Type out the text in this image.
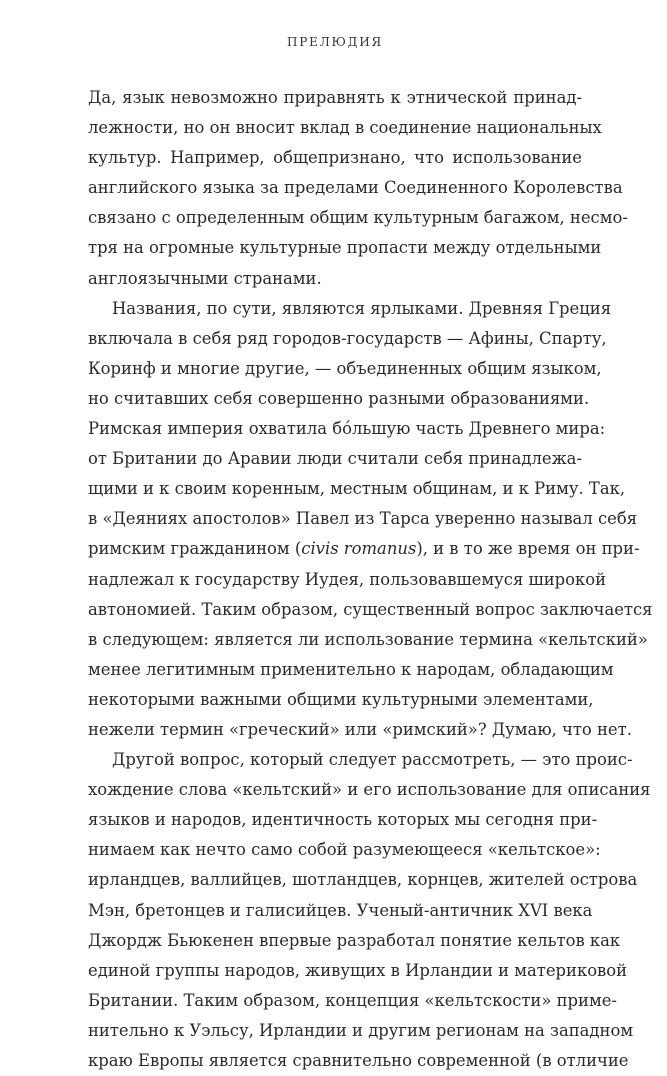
ПРЕЛЮДИЯ
Да, язык невозможно приравнять к этнической принад-
лежности, но он вносит вклад в соединение национальных
культур. Например, общепризнано, что использование
английского языка за пределами Соединенного Королевства
связано с определенным общим культурным багажом, несмо-
тря на огромные культурные пропасти между отдельными
англоязычными странами.
Названия, по сути, являются ярлыками. Древняя Греция
включала в себя ряд городов-государств — Афины, Спарту,
Коринф и многие другие, — объединенных общим языком,
но считавших себя совершенно разными образованиями.
Римская империя охватила бóльшую часть Древнего мира:
от Британии до Аравии люди считали себя принадлежа-
щими и к своим коренным, местным общинам, и к Риму. Так,
в «Деяниях апостолов» Павел из Тарса уверенно называл себя
римским гражданином (civis romanus), и в то же время он при-
надлежал к государству Иудея, пользовавшемуся широкой
автономией. Таким образом, существенный вопрос заключается
в следующем: является ли использование термина «кельтский»
менее легитимным применительно к народам, обладающим
некоторыми важными общими культурными элементами,
нежели термин «греческий» или «римский»? Думаю, что нет.
Другой вопрос, который следует рассмотреть, — это проис-
хождение слова «кельтский» и его использование для описания
языков и народов, идентичность которых мы сегодня при-
нимаем как нечто само собой разумеющееся «кельтское»:
ирландцев, валлийцев, шотландцев, корнцев, жителей острова
Мэн, бретонцев и галисийцев. Ученый-античник XVI века
Джордж Бьюкенен впервые разработал понятие кельтов как
единой группы народов, живущих в Ирландии и материковой
Британии. Таким образом, концепция «кельтскости» приме-
нительно к Уэльсу, Ирландии и другим регионам на западном
краю Европы является сравнительно современной (в отличие
